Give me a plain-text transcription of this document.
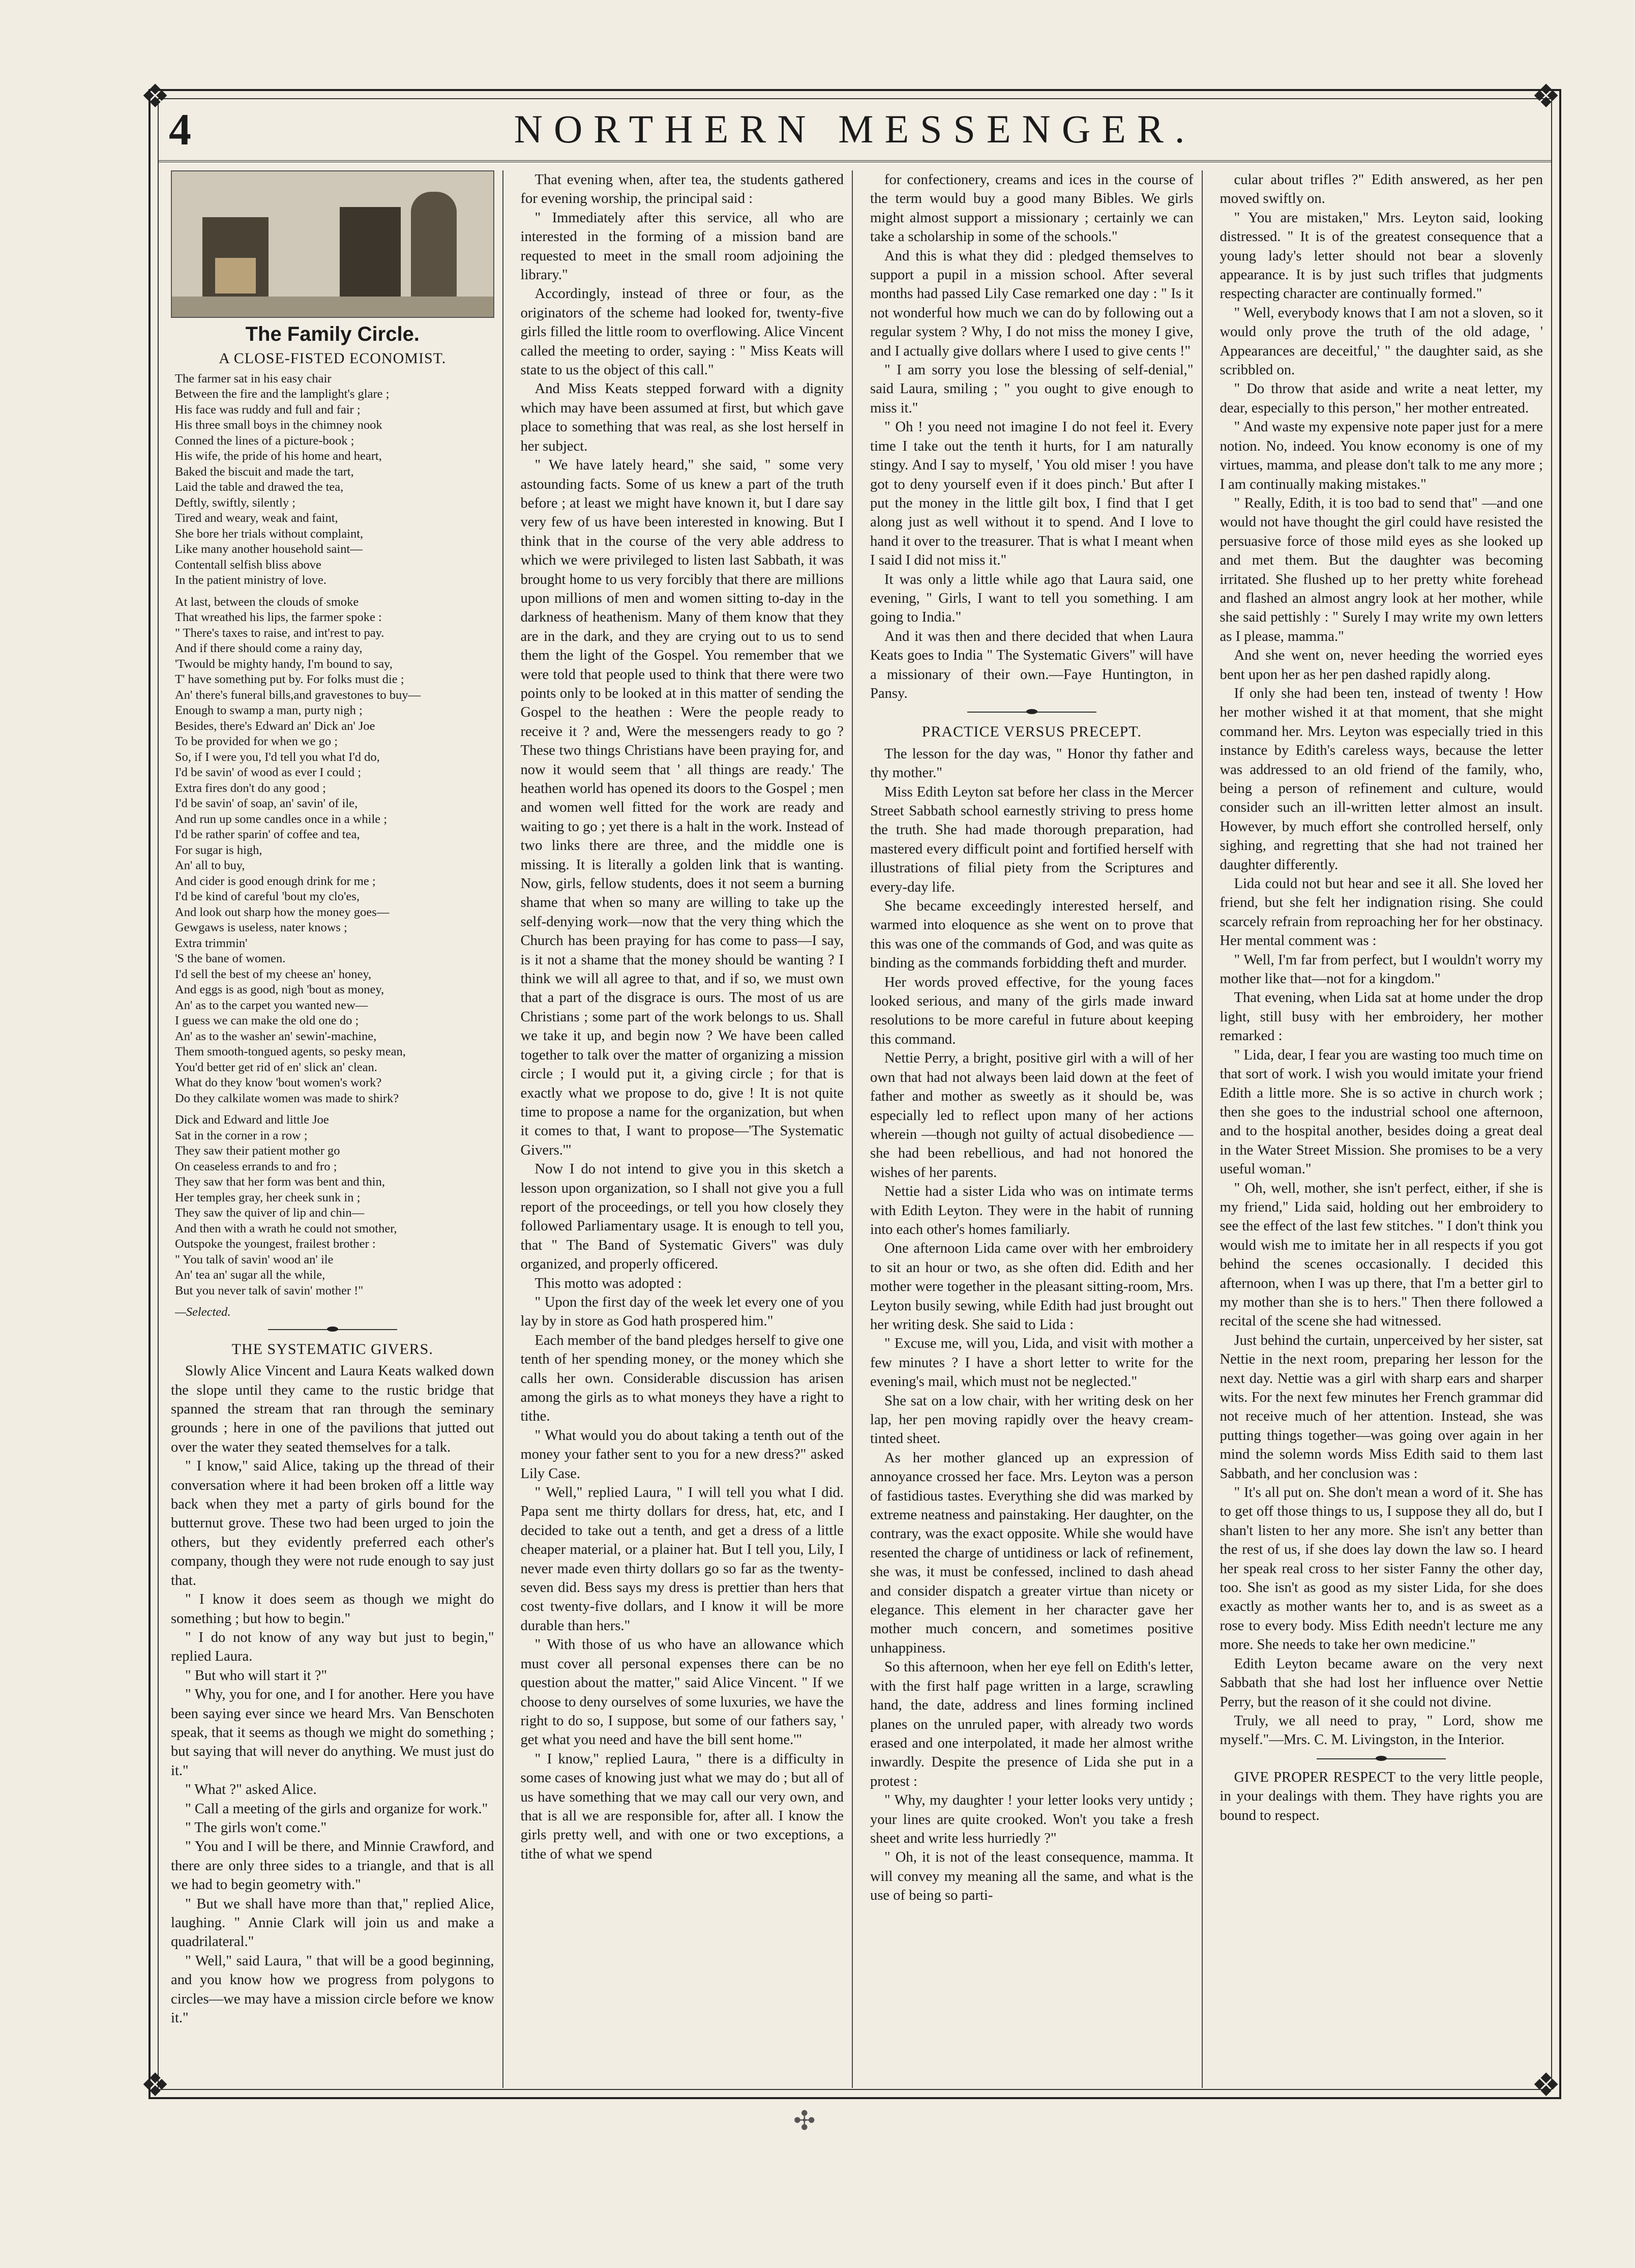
❖	❖
❖	❖
4	NORTHERN MESSENGER.
The Family Circle.
A CLOSE-FISTED ECONOMIST.

The farmer sat in his easy chair

Between the fire and the lamplight's glare ;

His face was ruddy and full and fair ;

His three small boys in the chimney nook

Conned the lines of a picture-book ;

His wife, the pride of his home and heart,

Baked the biscuit and made the tart,

Laid the table and drawed the tea,

Deftly, swiftly, silently ;

Tired and weary, weak and faint,

She bore her trials without complaint,

Like many another household saint—

Contentall selfish bliss above

In the patient ministry of love.

At last, between the clouds of smoke

That wreathed his lips, the farmer spoke :

" There's taxes to raise, and int'rest to pay.

And if there should come a rainy day,

'Twould be mighty handy, I'm bound to say,

T' have something put by. For folks must die ;

An' there's funeral bills,and gravestones to buy—

Enough to swamp a man, purty nigh ;

Besides, there's Edward an' Dick an' Joe

To be provided for when we go ;

So, if I were you, I'd tell you what I'd do,

I'd be savin' of wood as ever I could ;

Extra fires don't do any good ;

I'd be savin' of soap, an' savin' of ile,

And run up some candles once in a while ;

I'd be rather sparin' of coffee and tea,

For sugar is high,

An' all to buy,

And cider is good enough drink for me ;

I'd be kind of careful 'bout my clo'es,

And look out sharp how the money goes—

Gewgaws is useless, nater knows ;

Extra trimmin'

'S the bane of women.

I'd sell the best of my cheese an' honey,

And eggs is as good, nigh 'bout as money,

An' as to the carpet you wanted new—

I guess we can make the old one do ;

An' as to the washer an' sewin'-machine,

Them smooth-tongued agents, so pesky mean,

You'd better get rid of en' slick an' clean.

What do they know 'bout women's work?

Do they calkilate women was made to shirk?

Dick and Edward and little Joe

Sat in the corner in a row ;

They saw their patient mother go

On ceaseless errands to and fro ;

They saw that her form was bent and thin,

Her temples gray, her cheek sunk in ;

They saw the quiver of lip and chin—

And then with a wrath he could not smother,

Outspoke the youngest, frailest brother :

" You talk of savin' wood an' ile

An' tea an' sugar all the while,

But you never talk of savin' mother !"

—Selected.

THE SYSTEMATIC GIVERS.

Slowly Alice Vincent and Laura Keats walked down the slope until they came to the rustic bridge that spanned the stream that ran through the seminary grounds ; here in one of the pavilions that jutted out over the water they seated themselves for a talk.

" I know," said Alice, taking up the thread of their conversation where it had been broken off a little way back when they met a party of girls bound for the butternut grove. These two had been urged to join the others, but they evidently preferred each other's company, though they were not rude enough to say just that.

" I know it does seem as though we might do something ; but how to begin."

" I do not know of any way but just to begin," replied Laura.

" But who will start it ?"

" Why, you for one, and I for another. Here you have been saying ever since we heard Mrs. Van Benschoten speak, that it seems as though we might do something ; but saying that will never do anything. We must just do it."

" What ?" asked Alice.

" Call a meeting of the girls and organize for work."

" The girls won't come."

" You and I will be there, and Minnie Crawford, and there are only three sides to a triangle, and that is all we had to begin geometry with."

" But we shall have more than that," replied Alice, laughing. " Annie Clark will join us and make a quadrilateral."

" Well," said Laura, " that will be a good beginning, and you know how we progress from polygons to circles—we may have a mission circle before we know it."

That evening when, after tea, the students gathered for evening worship, the principal said :

" Immediately after this service, all who are interested in the forming of a mission band are requested to meet in the small room adjoining the library."

Accordingly, instead of three or four, as the originators of the scheme had looked for, twenty-five girls filled the little room to overflowing. Alice Vincent called the meeting to order, saying : " Miss Keats will state to us the object of this call."

And Miss Keats stepped forward with a dignity which may have been assumed at first, but which gave place to something that was real, as she lost herself in her subject.

" We have lately heard," she said, " some very astounding facts. Some of us knew a part of the truth before ; at least we might have known it, but I dare say very few of us have been interested in knowing. But I think that in the course of the very able address to which we were privileged to listen last Sabbath, it was brought home to us very forcibly that there are millions upon millions of men and women sitting to-day in the darkness of heathenism. Many of them know that they are in the dark, and they are crying out to us to send them the light of the Gospel. You remember that we were told that people used to think that there were two points only to be looked at in this matter of sending the Gospel to the heathen : Were the people ready to receive it ? and, Were the messengers ready to go ? These two things Christians have been praying for, and now it would seem that ' all things are ready.' The heathen world has opened its doors to the Gospel ; men and women well fitted for the work are ready and waiting to go ; yet there is a halt in the work. Instead of two links there are three, and the middle one is missing. It is literally a golden link that is wanting. Now, girls, fellow students, does it not seem a burning shame that when so many are willing to take up the self-denying work—now that the very thing which the Church has been praying for has come to pass—I say, is it not a shame that the money should be wanting ? I think we will all agree to that, and if so, we must own that a part of the disgrace is ours. The most of us are Christians ; some part of the work belongs to us. Shall we take it up, and begin now ? We have been called together to talk over the matter of organizing a mission circle ; I would put it, a giving circle ; for that is exactly what we propose to do, give ! It is not quite time to propose a name for the organization, but when it comes to that, I want to propose—'The Systematic Givers.'"

Now I do not intend to give you in this sketch a lesson upon organization, so I shall not give you a full report of the proceedings, or tell you how closely they followed Parliamentary usage. It is enough to tell you, that " The Band of Systematic Givers" was duly organized, and properly officered.

This motto was adopted :

" Upon the first day of the week let every one of you lay by in store as God hath prospered him."

Each member of the band pledges herself to give one tenth of her spending money, or the money which she calls her own. Considerable discussion has arisen among the girls as to what moneys they have a right to tithe.

" What would you do about taking a tenth out of the money your father sent to you for a new dress?" asked Lily Case.

" Well," replied Laura, " I will tell you what I did. Papa sent me thirty dollars for dress, hat, etc, and I decided to take out a tenth, and get a dress of a little cheaper material, or a plainer hat. But I tell you, Lily, I never made even thirty dollars go so far as the twenty-seven did. Bess says my dress is prettier than hers that cost twenty-five dollars, and I know it will be more durable than hers."

" With those of us who have an allowance which must cover all personal expenses there can be no question about the matter," said Alice Vincent. " If we choose to deny ourselves of some luxuries, we have the right to do so, I suppose, but some of our fathers say, ' get what you need and have the bill sent home.'"

" I know," replied Laura, " there is a difficulty in some cases of knowing just what we may do ; but all of us have something that we may call our very own, and that is all we are responsible for, after all. I know the girls pretty well, and with one or two exceptions, a tithe of what we spend

for confectionery, creams and ices in the course of the term would buy a good many Bibles. We girls might almost support a missionary ; certainly we can take a scholarship in some of the schools."

And this is what they did : pledged themselves to support a pupil in a mission school. After several months had passed Lily Case remarked one day : " Is it not wonderful how much we can do by following out a regular system ? Why, I do not miss the money I give, and I actually give dollars where I used to give cents !"

" I am sorry you lose the blessing of self-denial," said Laura, smiling ; " you ought to give enough to miss it."

" Oh ! you need not imagine I do not feel it. Every time I take out the tenth it hurts, for I am naturally stingy. And I say to myself, ' You old miser ! you have got to deny yourself even if it does pinch.' But after I put the money in the little gilt box, I find that I get along just as well without it to spend. And I love to hand it over to the treasurer. That is what I meant when I said I did not miss it."

It was only a little while ago that Laura said, one evening, " Girls, I want to tell you something. I am going to India."

And it was then and there decided that when Laura Keats goes to India " The Systematic Givers" will have a missionary of their own.—Faye Huntington, in Pansy.

PRACTICE VERSUS PRECEPT.

The lesson for the day was, " Honor thy father and thy mother."

Miss Edith Leyton sat before her class in the Mercer Street Sabbath school earnestly striving to press home the truth. She had made thorough preparation, had mastered every difficult point and fortified herself with illustrations of filial piety from the Scriptures and every-day life.

She became exceedingly interested herself, and warmed into eloquence as she went on to prove that this was one of the commands of God, and was quite as binding as the commands forbidding theft and murder.

Her words proved effective, for the young faces looked serious, and many of the girls made inward resolutions to be more careful in future about keeping this command.

Nettie Perry, a bright, positive girl with a will of her own that had not always been laid down at the feet of father and mother as sweetly as it should be, was especially led to reflect upon many of her actions wherein —though not guilty of actual disobedience —she had been rebellious, and had not honored the wishes of her parents.

Nettie had a sister Lida who was on intimate terms with Edith Leyton. They were in the habit of running into each other's homes familiarly.

One afternoon Lida came over with her embroidery to sit an hour or two, as she often did. Edith and her mother were together in the pleasant sitting-room, Mrs. Leyton busily sewing, while Edith had just brought out her writing desk. She said to Lida :

" Excuse me, will you, Lida, and visit with mother a few minutes ? I have a short letter to write for the evening's mail, which must not be neglected."

She sat on a low chair, with her writing desk on her lap, her pen moving rapidly over the heavy cream-tinted sheet.

As her mother glanced up an expression of annoyance crossed her face. Mrs. Leyton was a person of fastidious tastes. Everything she did was marked by extreme neatness and painstaking. Her daughter, on the contrary, was the exact opposite. While she would have resented the charge of untidiness or lack of refinement, she was, it must be confessed, inclined to dash ahead and consider dispatch a greater virtue than nicety or elegance. This element in her character gave her mother much concern, and sometimes positive unhappiness.

So this afternoon, when her eye fell on Edith's letter, with the first half page written in a large, scrawling hand, the date, address and lines forming inclined planes on the unruled paper, with already two words erased and one interpolated, it made her almost writhe inwardly. Despite the presence of Lida she put in a protest :

" Why, my daughter ! your letter looks very untidy ; your lines are quite crooked. Won't you take a fresh sheet and write less hurriedly ?"

" Oh, it is not of the least consequence, mamma. It will convey my meaning all the same, and what is the use of being so parti-

cular about trifles ?" Edith answered, as her pen moved swiftly on.

" You are mistaken," Mrs. Leyton said, looking distressed. " It is of the greatest consequence that a young lady's letter should not bear a slovenly appearance. It is by just such trifles that judgments respecting character are continually formed."

" Well, everybody knows that I am not a sloven, so it would only prove the truth of the old adage, ' Appearances are deceitful,' " the daughter said, as she scribbled on.

" Do throw that aside and write a neat letter, my dear, especially to this person," her mother entreated.

" And waste my expensive note paper just for a mere notion. No, indeed. You know economy is one of my virtues, mamma, and please don't talk to me any more ; I am continually making mistakes."

" Really, Edith, it is too bad to send that" —and one would not have thought the girl could have resisted the persuasive force of those mild eyes as she looked up and met them. But the daughter was becoming irritated. She flushed up to her pretty white forehead and flashed an almost angry look at her mother, while she said pettishly : " Surely I may write my own letters as I please, mamma."

And she went on, never heeding the worried eyes bent upon her as her pen dashed rapidly along.

If only she had been ten, instead of twenty ! How her mother wished it at that moment, that she might command her. Mrs. Leyton was especially tried in this instance by Edith's careless ways, because the letter was addressed to an old friend of the family, who, being a person of refinement and culture, would consider such an ill-written letter almost an insult. However, by much effort she controlled herself, only sighing, and regretting that she had not trained her daughter differently.

Lida could not but hear and see it all. She loved her friend, but she felt her indignation rising. She could scarcely refrain from reproaching her for her obstinacy. Her mental comment was :

" Well, I'm far from perfect, but I wouldn't worry my mother like that—not for a kingdom."

That evening, when Lida sat at home under the drop light, still busy with her embroidery, her mother remarked :

" Lida, dear, I fear you are wasting too much time on that sort of work. I wish you would imitate your friend Edith a little more. She is so active in church work ; then she goes to the industrial school one afternoon, and to the hospital another, besides doing a great deal in the Water Street Mission. She promises to be a very useful woman."

" Oh, well, mother, she isn't perfect, either, if she is my friend," Lida said, holding out her embroidery to see the effect of the last few stitches. " I don't think you would wish me to imitate her in all respects if you got behind the scenes occasionally. I decided this afternoon, when I was up there, that I'm a better girl to my mother than she is to hers." Then there followed a recital of the scene she had witnessed.

Just behind the curtain, unperceived by her sister, sat Nettie in the next room, preparing her lesson for the next day. Nettie was a girl with sharp ears and sharper wits. For the next few minutes her French grammar did not receive much of her attention. Instead, she was putting things together—was going over again in her mind the solemn words Miss Edith said to them last Sabbath, and her conclusion was :

" It's all put on. She don't mean a word of it. She has to get off those things to us, I suppose they all do, but I shan't listen to her any more. She isn't any better than the rest of us, if she does lay down the law so. I heard her speak real cross to her sister Fanny the other day, too. She isn't as good as my sister Lida, for she does exactly as mother wants her to, and is as sweet as a rose to every body. Miss Edith needn't lecture me any more. She needs to take her own medicine."

Edith Leyton became aware on the very next Sabbath that she had lost her influence over Nettie Perry, but the reason of it she could not divine.

Truly, we all need to pray, " Lord, show me myself."—Mrs. C. M. Livingston, in the Interior.

GIVE PROPER RESPECT to the very little people, in your dealings with them. They have rights you are bound to respect.

✣
